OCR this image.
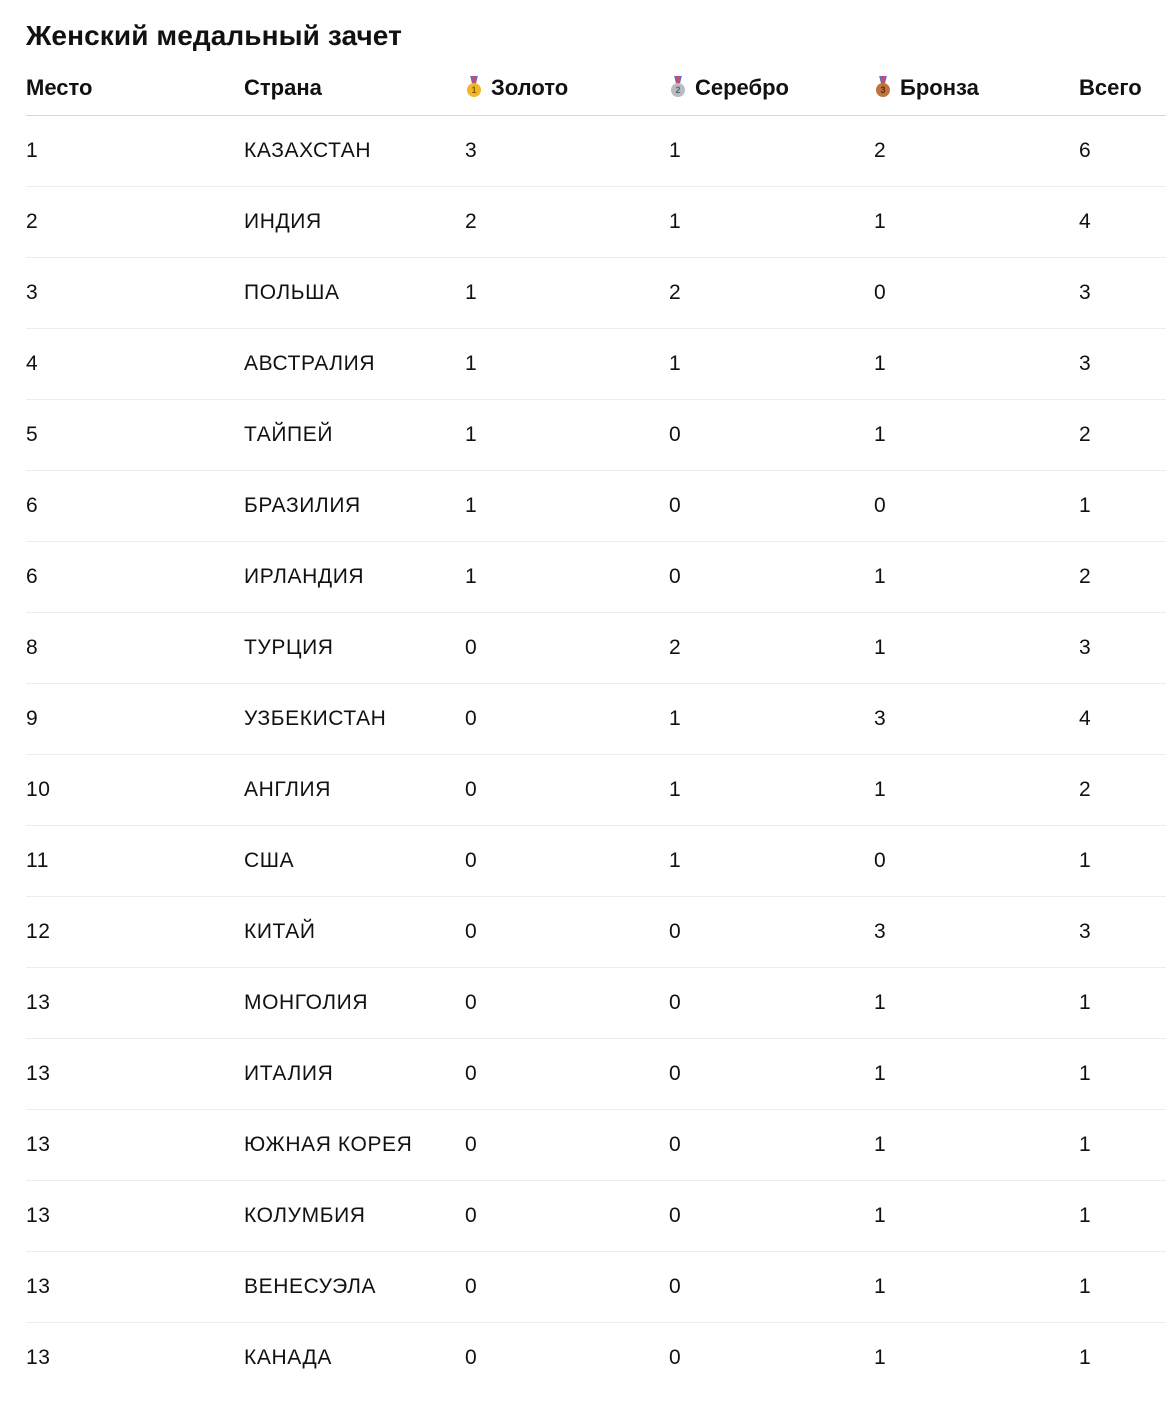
Женский медальный зачет
Место	Страна	1 Золото	2 Серебро	3 Бронза	Всего
1	КАЗАХСТАН	3	1	2	6
2	ИНДИЯ	2	1	1	4
3	ПОЛЬША	1	2	0	3
4	АВСТРАЛИЯ	1	1	1	3
5	ТАЙПЕЙ	1	0	1	2
6	БРАЗИЛИЯ	1	0	0	1
6	ИРЛАНДИЯ	1	0	1	2
8	ТУРЦИЯ	0	2	1	3
9	УЗБЕКИСТАН	0	1	3	4
10	АНГЛИЯ	0	1	1	2
11	США	0	1	0	1
12	КИТАЙ	0	0	3	3
13	МОНГОЛИЯ	0	0	1	1
13	ИТАЛИЯ	0	0	1	1
13	ЮЖНАЯ КОРЕЯ	0	0	1	1
13	КОЛУМБИЯ	0	0	1	1
13	ВЕНЕСУЭЛА	0	0	1	1
13	КАНАДА	0	0	1	1
